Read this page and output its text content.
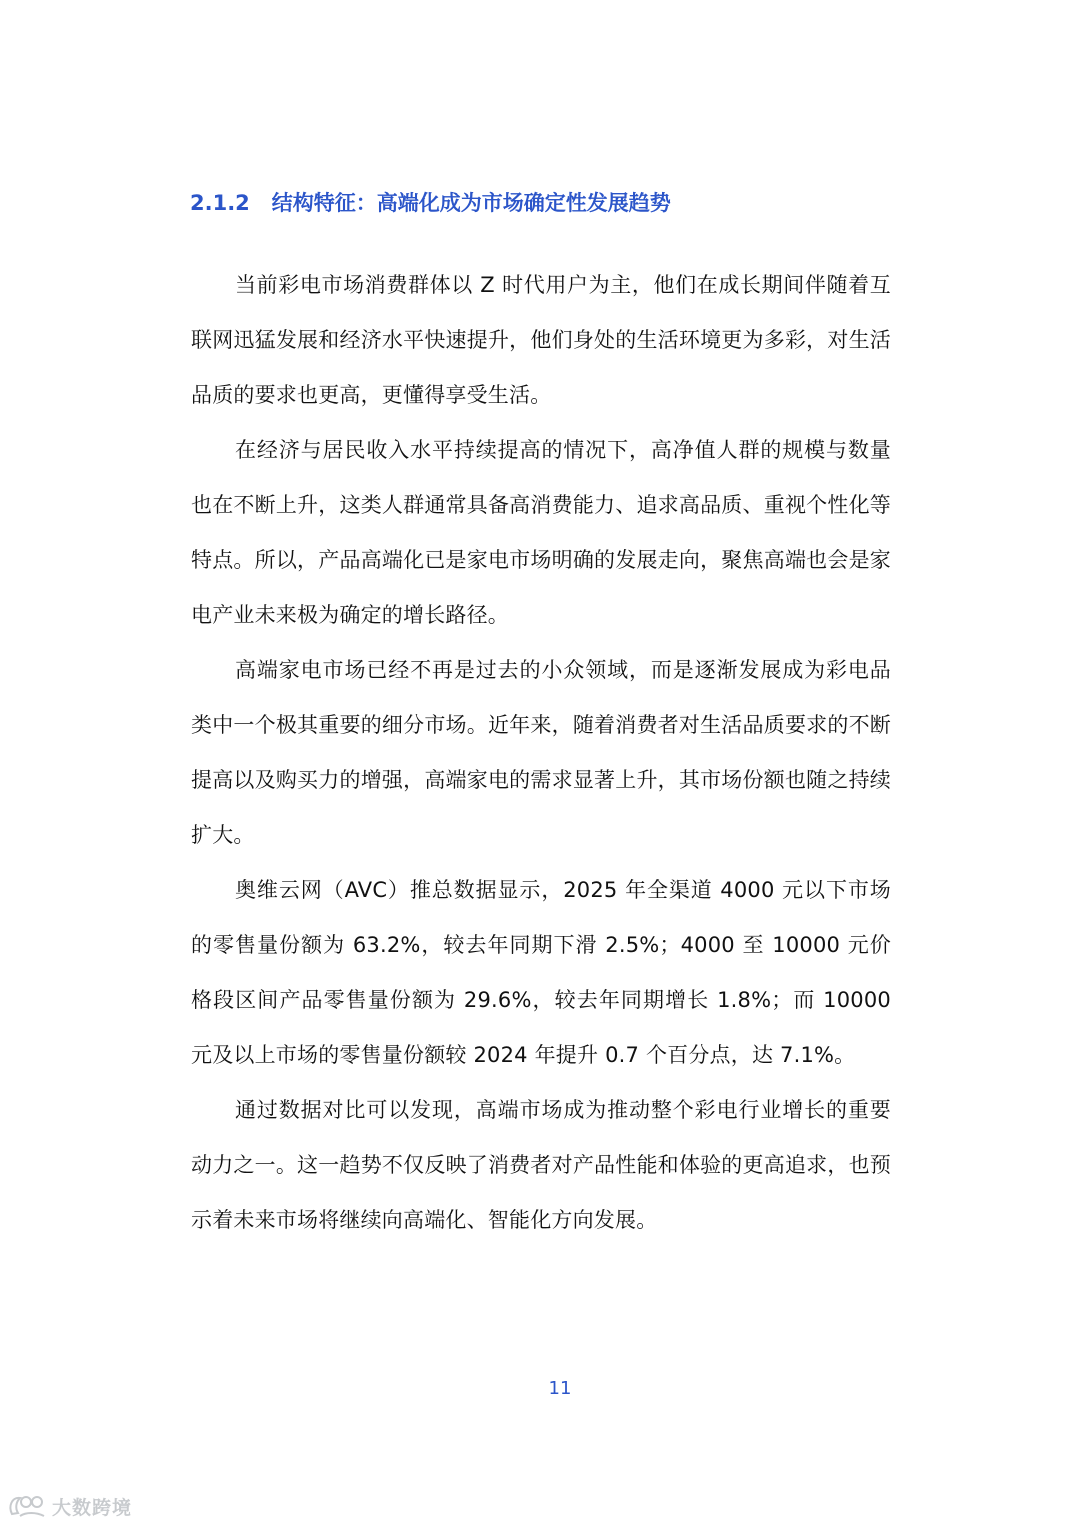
2.1.2 结构特征：高端化成为市场确定性发展趋势

当前彩电市场消费群体以 Z 时代用户为主，他们在成长期间伴随着互联网迅猛发展和经济水平快速提升，他们身处的生活环境更为多彩，对生活品质的要求也更高，更懂得享受生活。

在经济与居民收入水平持续提高的情况下，高净值人群的规模与数量也在不断上升，这类人群通常具备高消费能力、追求高品质、重视个性化等特点。所以，产品高端化已是家电市场明确的发展走向，聚焦高端也会是家电产业未来极为确定的增长路径。

高端家电市场已经不再是过去的小众领域，而是逐渐发展成为彩电品类中一个极其重要的细分市场。近年来，随着消费者对生活品质要求的不断提高以及购买力的增强，高端家电的需求显著上升，其市场份额也随之持续扩大。

奥维云网（AVC）推总数据显示，2025 年全渠道 4000 元以下市场的零售量份额为 63.2%，较去年同期下滑 2.5%；4000 至 10000 元价格段区间产品零售量份额为 29.6%，较去年同期增长 1.8%；而 10000 元及以上市场的零售量份额较 2024 年提升 0.7 个百分点，达 7.1%。

通过数据对比可以发现，高端市场成为推动整个彩电行业增长的重要动力之一。这一趋势不仅反映了消费者对产品性能和体验的更高追求，也预示着未来市场将继续向高端化、智能化方向发展。

11
大数跨境
